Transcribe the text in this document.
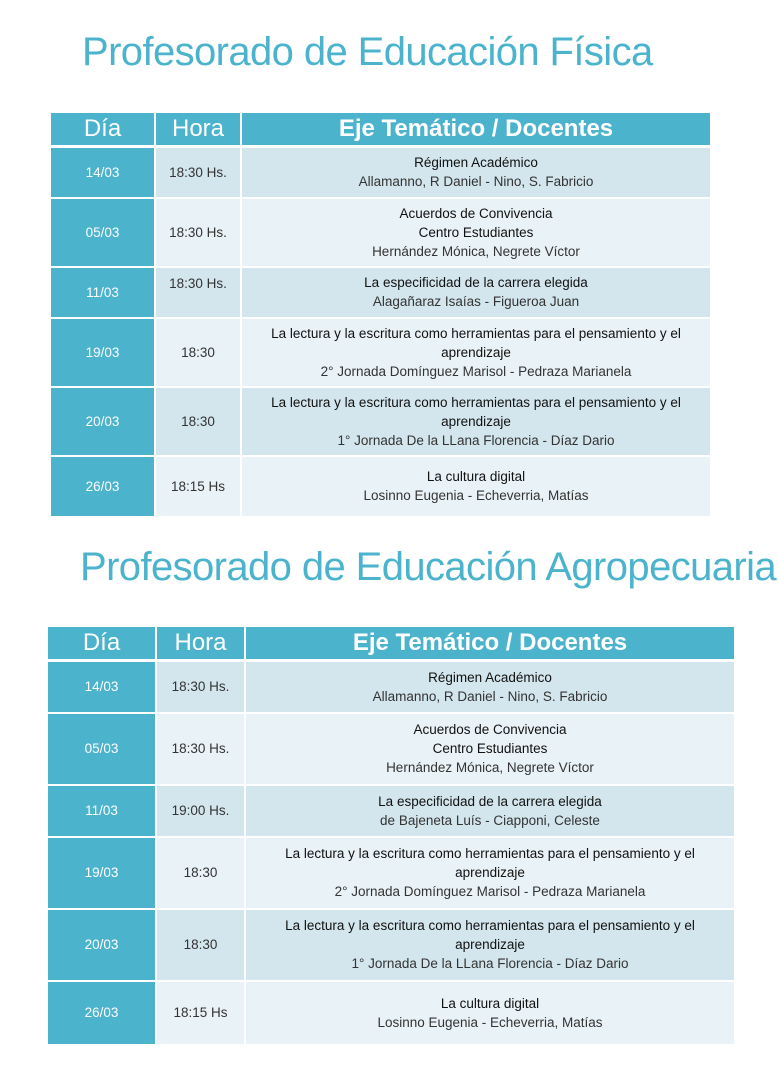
Profesorado de Educación Física
Día	Hora	Eje Temático / Docentes
14/03	18:30 Hs.	Régimen Académico
Allamanno, R Daniel - Nino, S. Fabricio

05/03	18:30 Hs.	Acuerdos de Convivencia
Centro Estudiantes
Hernández Mónica, Negrete Víctor

11/03	18:30 Hs.	La especificidad de la carrera elegida
Alagañaraz Isaías - Figueroa Juan

19/03	18:30	La lectura y la escritura como herramientas para el pensamiento y el aprendizaje
2° Jornada Domínguez Marisol - Pedraza Marianela

20/03	18:30	La lectura y la escritura como herramientas para el pensamiento y el aprendizaje
1° Jornada De la LLana Florencia - Díaz Dario

26/03	18:15 Hs	La cultura digital
Losinno Eugenia - Echeverria, Matías
Profesorado de Educación Agropecuaria
Día	Hora	Eje Temático / Docentes
14/03	18:30 Hs.	Régimen Académico
Allamanno, R Daniel - Nino, S. Fabricio

05/03	18:30 Hs.	Acuerdos de Convivencia
Centro Estudiantes
Hernández Mónica, Negrete Víctor

11/03	19:00 Hs.	La especificidad de la carrera elegida
de Bajeneta Luís - Ciapponi, Celeste

19/03	18:30	La lectura y la escritura como herramientas para el pensamiento y el aprendizaje
2° Jornada Domínguez Marisol - Pedraza Marianela

20/03	18:30	La lectura y la escritura como herramientas para el pensamiento y el aprendizaje
1° Jornada De la LLana Florencia - Díaz Dario

26/03	18:15 Hs	La cultura digital
Losinno Eugenia - Echeverria, Matías
